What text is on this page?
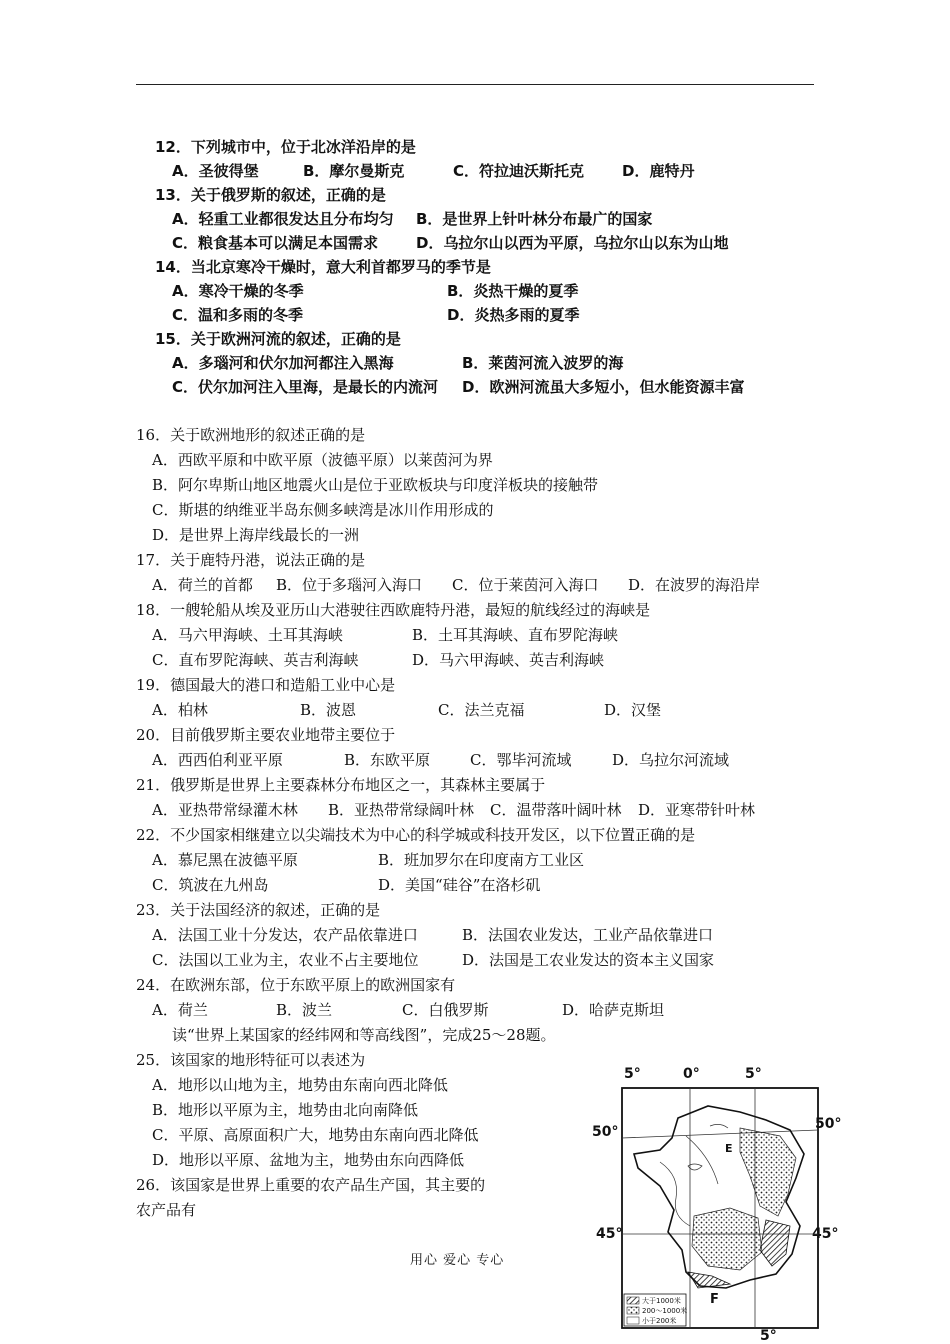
12．下列城市中，位于北冰洋沿岸的是
A．圣彼得堡	B．摩尔曼斯克	C．符拉迪沃斯托克	D．鹿特丹
13．关于俄罗斯的叙述，正确的是
A．轻重工业都很发达且分布均匀 B．是世界上针叶林分布最广的国家
C．粮食基本可以满足本国需求	D．乌拉尔山以西为平原，乌拉尔山以东为山地
14．当北京寒冷干燥时，意大利首都罗马的季节是
A．寒冷干燥的冬季	B．炎热干燥的夏季
C．温和多雨的冬季	D．炎热多雨的夏季
15．关于欧洲河流的叙述，正确的是
A．多瑙河和伏尔加河都注入黑海	B．莱茵河流入波罗的海
C．伏尔加河注入里海，是最长的内流河 D．欧洲河流虽大多短小，但水能资源丰富
16．关于欧洲地形的叙述正确的是
A．西欧平原和中欧平原（波德平原）以莱茵河为界
B．阿尔卑斯山地区地震火山是位于亚欧板块与印度洋板块的接触带
C．斯堪的纳维亚半岛东侧多峡湾是冰川作用形成的
D．是世界上海岸线最长的一洲
17．关于鹿特丹港，说法正确的是
A．荷兰的首都 B．位于多瑙河入海口 C．位于莱茵河入海口 D．在波罗的海沿岸
18．一艘轮船从埃及亚历山大港驶往西欧鹿特丹港，最短的航线经过的海峡是
A．马六甲海峡、土耳其海峡	B．土耳其海峡、直布罗陀海峡
C．直布罗陀海峡、英吉利海峡	D．马六甲海峡、英吉利海峡
19．德国最大的港口和造船工业中心是
A．柏林	B．波恩	C．法兰克福	D．汉堡
20．目前俄罗斯主要农业地带主要位于
A．西西伯利亚平原	B．东欧平原	C．鄂毕河流域	D．乌拉尔河流域
21．俄罗斯是世界上主要森林分布地区之一，其森林主要属于
A．亚热带常绿灌木林 B．亚热带常绿阔叶林 C．温带落叶阔叶林 D．亚寒带针叶林
22．不少国家相继建立以尖端技术为中心的科学城或科技开发区，以下位置正确的是
A．慕尼黑在波德平原	B．班加罗尔在印度南方工业区
C．筑波在九州岛	D．美国“硅谷”在洛杉矶
23．关于法国经济的叙述，正确的是
A．法国工业十分发达，农产品依靠进口	B．法国农业发达，工业产品依靠进口
C．法国以工业为主，农业不占主要地位	D．法国是工农业发达的资本主义国家
24．在欧洲东部，位于东欧平原上的欧洲国家有
A．荷兰	B．波兰	C．白俄罗斯	D．哈萨克斯坦
读“世界上某国家的经纬网和等高线图”，完成25～28题。
25．该国家的地形特征可以表述为
A．地形以山地为主，地势由东南向西北降低
B．地形以平原为主，地势由北向南降低
C．平原、高原面积广大，地势由东南向西北降低
D．地形以平原、盆地为主，地势由东向西降低
26．该国家是世界上重要的农产品生产国，其主要的
农产品有
5°	0°	5°
50°	50°
45°	45°
5°
E
F
大于1000米
200～1000米
小于200米
用心 爱心 专心
